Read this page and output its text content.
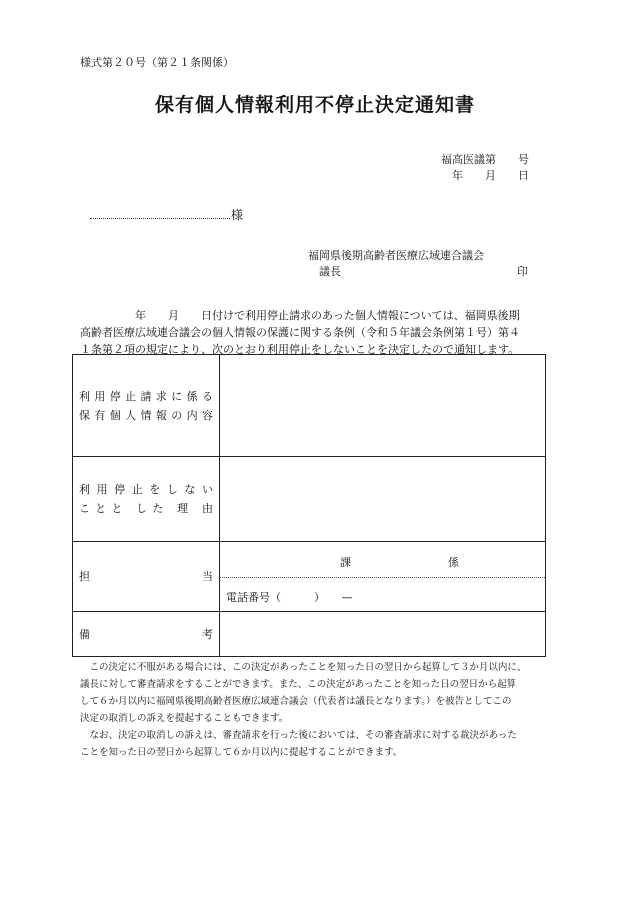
様式第２０号（第２１条関係）
保有個人情報利用不停止決定通知書
福高医議第　　号
年　　月　　日
様
福岡県後期高齢者医療広域連合議会
議長	印
　　　　　年　　月　　日付けで利用停止請求のあった個人情報については、福岡県後期
高齢者医療広域連合議会の個人情報の保護に関する条例（令和５年議会条例第１号）第４
１条第２項の規定により、次のとおり利用停止をしないことを決定したので通知します。
利用停止請求に係る
保有個人情報の内容	

利用停止をしない
ことと した 理 由	

担　　　　　　　　当	課 係
電話番号（　　　）　　—

備　　　　　　　　考	

　この決定に不服がある場合には、この決定があったことを知った日の翌日から起算して３か月以内に、
議長に対して審査請求をすることができます。また、この決定があったことを知った日の翌日から起算
して６か月以内に福岡県後期高齢者医療広域連合議会（代表者は議長となります。）を被告としてこの
決定の取消しの訴えを提起することもできます。
　なお、決定の取消しの訴えは、審査請求を行った後においては、その審査請求に対する裁決があった
ことを知った日の翌日から起算して６か月以内に提起することができます。
